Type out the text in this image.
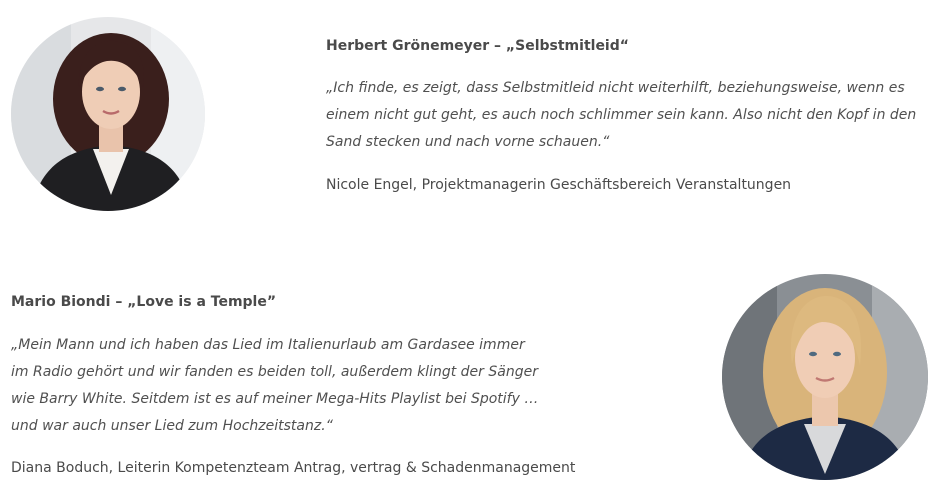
Herbert Grönemeyer – „Selbstmitleid“

„Ich finde, es zeigt, dass Selbstmitleid nicht weiterhilft, beziehungsweise, wenn es einem nicht gut geht, es auch noch schlimmer sein kann. Also nicht den Kopf in den Sand stecken und nach vorne schauen.“

Nicole Engel, Projektmanagerin Geschäftsbereich Veranstaltungen
Mario Biondi – „Love is a Temple”

„Mein Mann und ich haben das Lied im Italienurlaub am Gardasee immer im Radio gehört und wir fanden es beiden toll, außerdem klingt der Sänger wie Barry White. Seitdem ist es auf meiner Mega-Hits Playlist bei Spotify … und war auch unser Lied zum Hochzeitstanz.“

Diana Boduch, Leiterin Kompetenzteam Antrag, vertrag & Schadenmanagement
